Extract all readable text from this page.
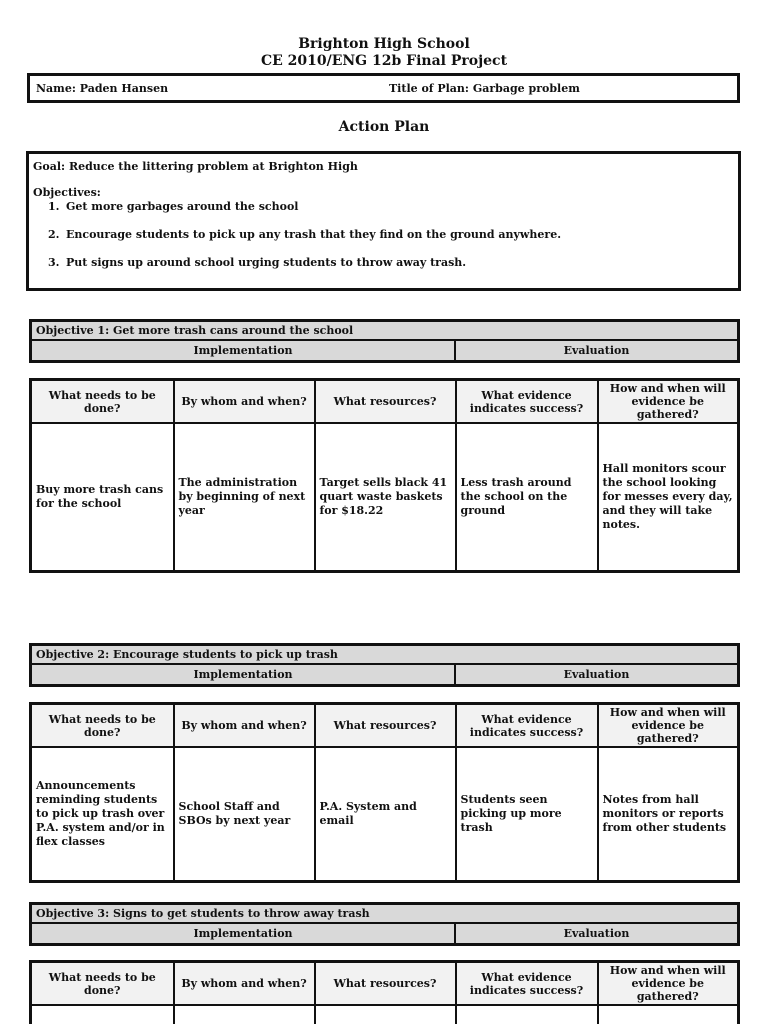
Brighton High School
CE 2010/ENG 12b Final Project
Name: Paden Hansen	Title of Plan: Garbage problem
Action Plan
Goal: Reduce the littering problem at Brighton High
Objectives:
1. Get more garbages around the school
2. Encourage students to pick up any trash that they find on the ground anywhere.
3. Put signs up around school urging students to throw away trash.
Objective 1: Get more trash cans around the school
Implementation	Evaluation
What needs to be done?	By whom and when?	What resources?	What evidence indicates success?	How and when will evidence be gathered?
Buy more trash cans for the school	The administration by beginning of next year	Target sells black 41 quart waste baskets for $18.22	Less trash around the school on the ground	Hall monitors scour the school looking for messes every day, and they will take notes.
Objective 2: Encourage students to pick up trash
Implementation	Evaluation
What needs to be done?	By whom and when?	What resources?	What evidence indicates success?	How and when will evidence be gathered?
Announcements reminding students to pick up trash over P.A. system and/or in flex classes	School Staff and SBOs by next year	P.A. System and email	Students seen picking up more trash	Notes from hall monitors or reports from other students
Objective 3: Signs to get students to throw away trash
Implementation	Evaluation
What needs to be done?	By whom and when?	What resources?	What evidence indicates success?	How and when will evidence be gathered?
